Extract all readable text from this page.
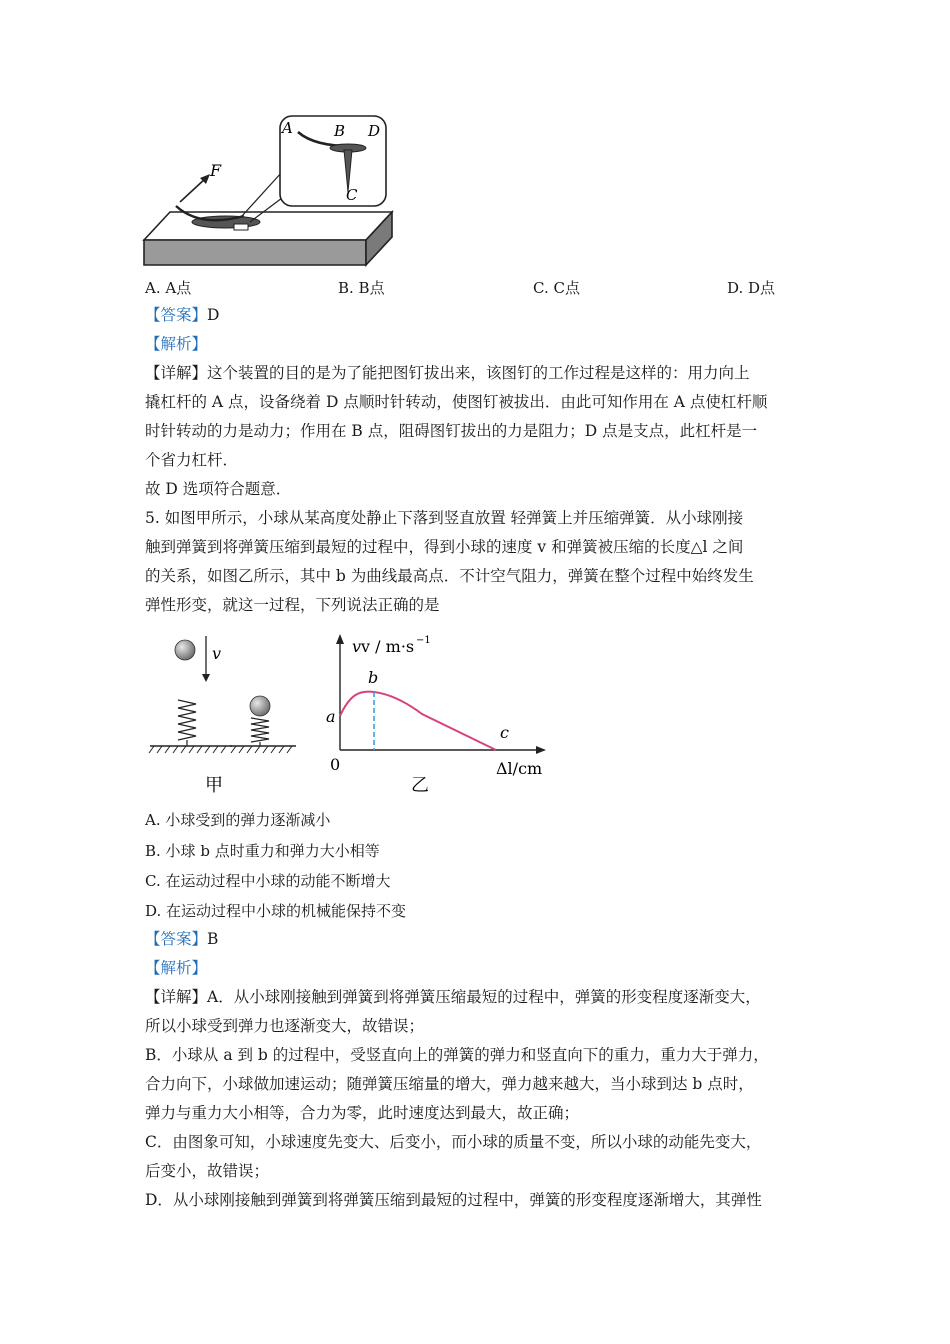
F
A	B D
C
A. A点	B. B点	C. C点	D. D点
【答案】D
【解析】
【详解】这个装置的目的是为了能把图钉拔出来，该图钉的工作过程是这样的：用力向上
撬杠杆的 A 点，设备绕着 D 点顺时针转动，使图钉被拔出．由此可知作用在 A 点使杠杆顺
时针转动的力是动力；作用在 B 点，阻碍图钉拔出的力是阻力；D 点是支点，此杠杆是一
个省力杠杆．
故 D 选项符合题意．
5. 如图甲所示，小球从某高度处静止下落到竖直放置 轻弹簧上并压缩弹簧．从小球刚接
触到弹簧到将弹簧压缩到最短的过程中，得到小球的速度 v 和弹簧被压缩的长度△l 之间
的关系，如图乙所示，其中 b 为曲线最高点．不计空气阻力，弹簧在整个过程中始终发生
弹性形变，就这一过程，下列说法正确的是
v
甲
vv / m·s −1
a
b
c
0	Δl/cm
乙
A. 小球受到的弹力逐渐减小
B. 小球 b 点时重力和弹力大小相等
C. 在运动过程中小球的动能不断增大
D. 在运动过程中小球的机械能保持不变
【答案】B
【解析】
【详解】A．从小球刚接触到弹簧到将弹簧压缩最短的过程中，弹簧的形变程度逐渐变大，
所以小球受到弹力也逐渐变大，故错误；
B．小球从 a 到 b 的过程中，受竖直向上的弹簧的弹力和竖直向下的重力，重力大于弹力，
合力向下，小球做加速运动；随弹簧压缩量的增大，弹力越来越大，当小球到达 b 点时，
弹力与重力大小相等，合力为零，此时速度达到最大，故正确；
C．由图象可知，小球速度先变大、后变小，而小球的质量不变，所以小球的动能先变大，
后变小，故错误；
D．从小球刚接触到弹簧到将弹簧压缩到最短的过程中，弹簧的形变程度逐渐增大，其弹性
